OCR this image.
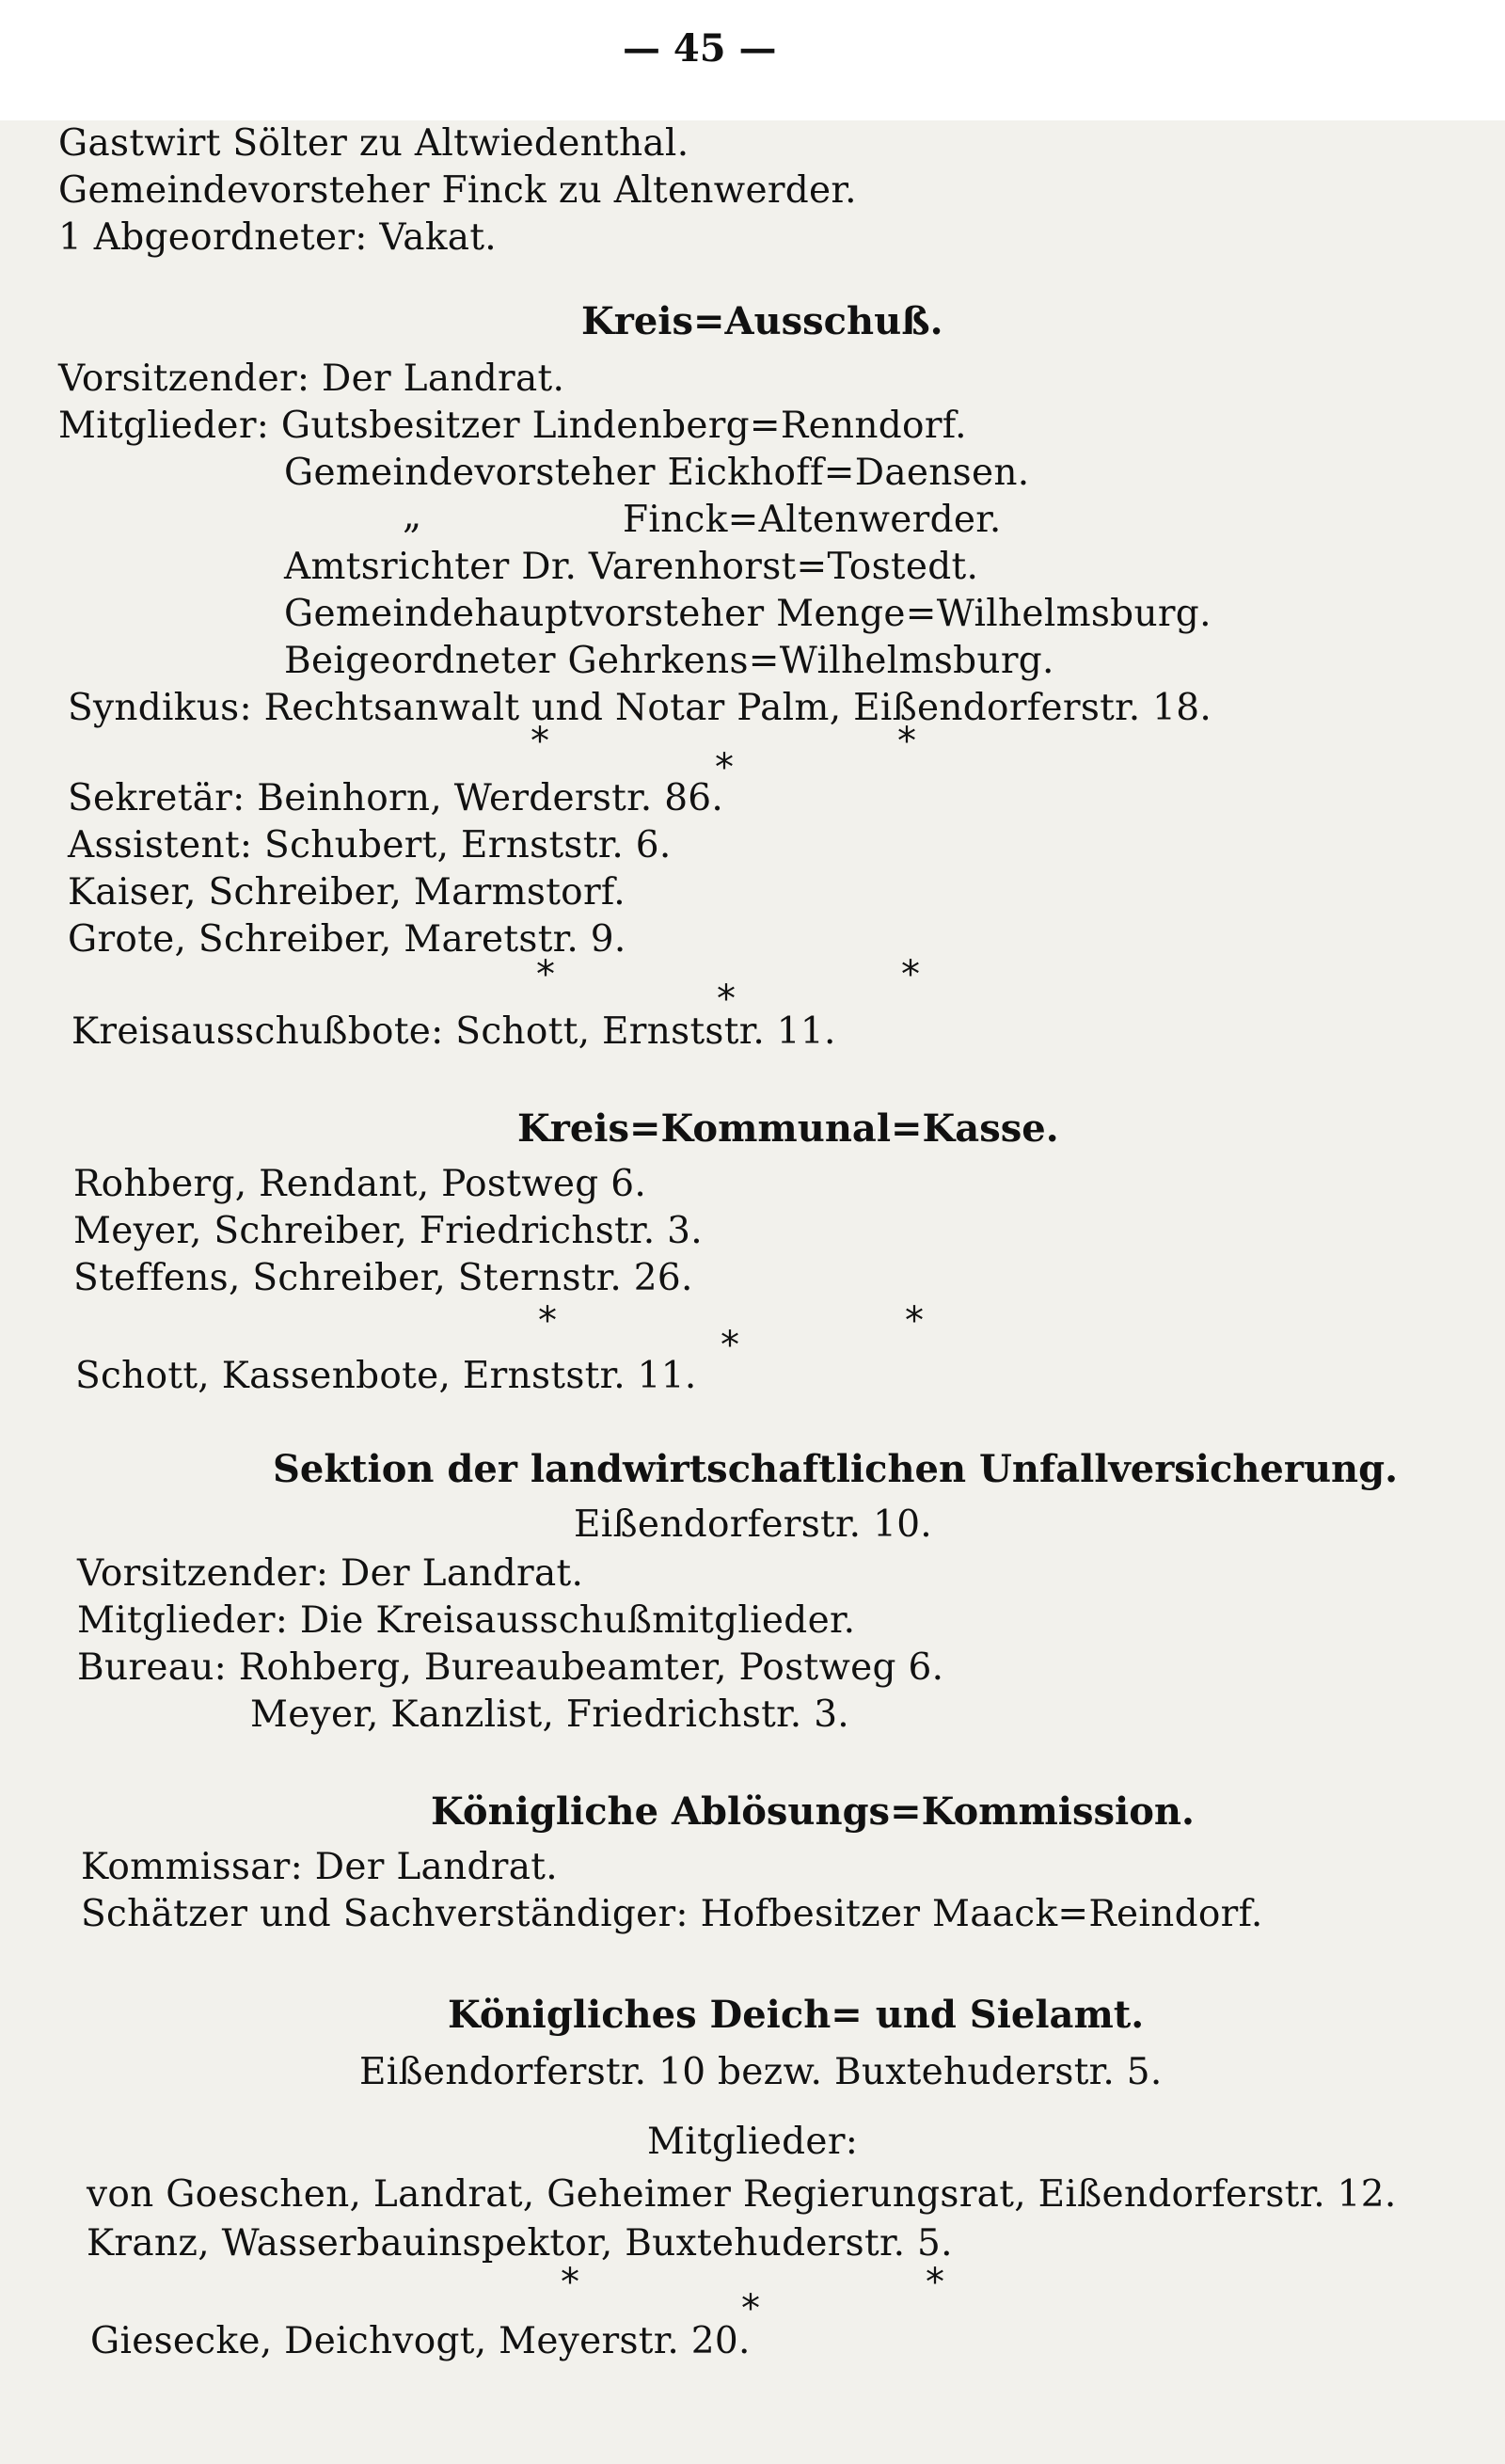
— 45 —
Gastwirt Sölter zu Altwiedenthal.
Gemeindevorsteher Finck zu Altenwerder.
1 Abgeordneter: Vakat.
Kreis=Ausschuß.
Vorsitzender: Der Landrat.
Mitglieder: Gutsbesitzer Lindenberg=Renndorf.
Gemeindevorsteher Eickhoff=Daensen.
„	Finck=Altenwerder.
Amtsrichter Dr. Varenhorst=Tostedt.
Gemeindehauptvorsteher Menge=Wilhelmsburg.
Beigeordneter Gehrkens=Wilhelmsburg.
Syndikus: Rechtsanwalt und Notar Palm, Eißendorferstr. 18.
*
*
*
Sekretär: Beinhorn, Werderstr. 86.
Assistent: Schubert, Ernststr. 6.
Kaiser, Schreiber, Marmstorf.
Grote, Schreiber, Maretstr. 9.
*
*
*
Kreisausschußbote: Schott, Ernststr. 11.
Kreis=Kommunal=Kasse.
Rohberg, Rendant, Postweg 6.
Meyer, Schreiber, Friedrichstr. 3.
Steffens, Schreiber, Sternstr. 26.
*
*
*
Schott, Kassenbote, Ernststr. 11.
Sektion der landwirtschaftlichen Unfallversicherung.
Eißendorferstr. 10.
Vorsitzender: Der Landrat.
Mitglieder: Die Kreisausschußmitglieder.
Bureau: Rohberg, Bureaubeamter, Postweg 6.
Meyer, Kanzlist, Friedrichstr. 3.
Königliche Ablösungs=Kommission.
Kommissar: Der Landrat.
Schätzer und Sachverständiger: Hofbesitzer Maack=Reindorf.
Königliches Deich= und Sielamt.
Eißendorferstr. 10 bezw. Buxtehuderstr. 5.
Mitglieder:
von Goeschen, Landrat, Geheimer Regierungsrat, Eißendorferstr. 12.
Kranz, Wasserbauinspektor, Buxtehuderstr. 5.
*
*
*
Giesecke, Deichvogt, Meyerstr. 20.
